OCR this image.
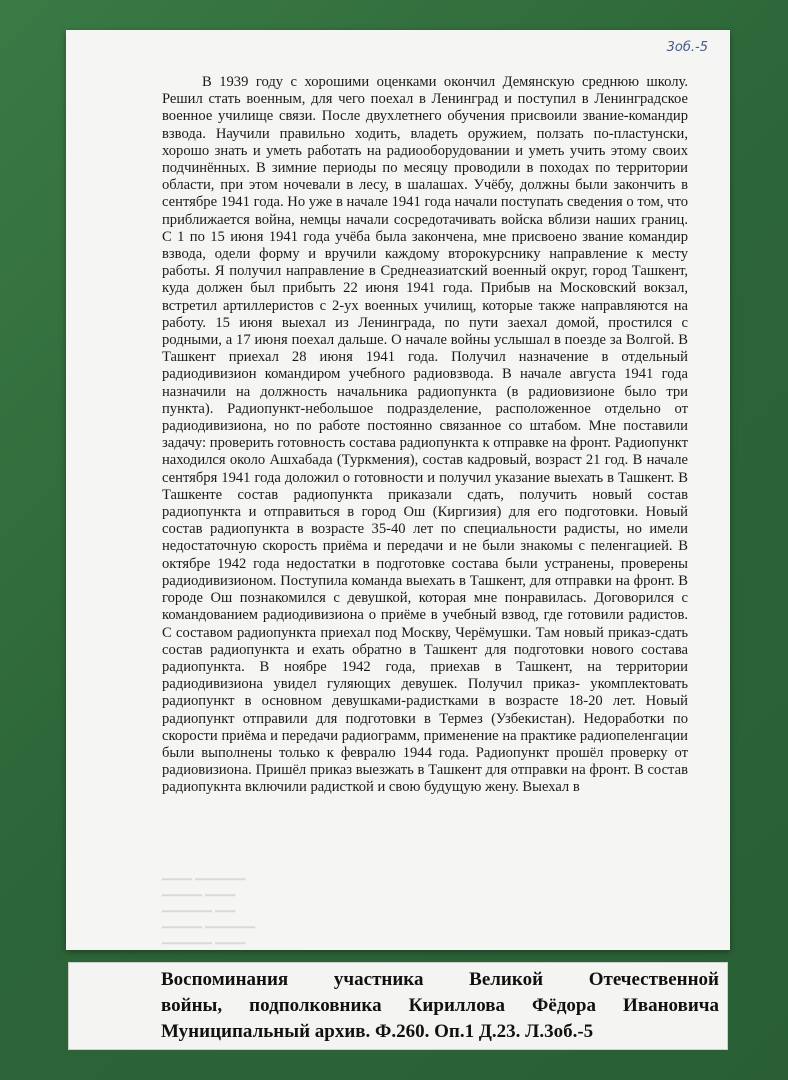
3об.-5
В 1939 году с хорошими оценками окончил Демянскую среднюю школу. Решил стать военным, для чего поехал в Ленинград и поступил в Ленинградское военное училище связи. После двухлетнего обучения присвоили звание-командир взвода. Научили правильно ходить, владеть оружием, ползать по-пластунски, хорошо знать и уметь работать на радиооборудовании и уметь учить этому своих подчинённых. В зимние периоды по месяцу проводили в походах по территории области, при этом ночевали в лесу, в шалашах. Учёбу, должны были закончить в сентябре 1941 года. Но уже в начале 1941 года начали поступать сведения о том, что приближается война, немцы начали сосредотачивать войска вблизи наших границ. С 1 по 15 июня 1941 года учёба была закончена, мне присвоено звание командир взвода, одели форму и вручили каждому второкурснику направление к месту работы. Я получил направление в Среднеазиатский военный округ, город Ташкент, куда должен был прибыть 22 июня 1941 года. Прибыв на Московский вокзал, встретил артиллеристов с 2-ух военных училищ, которые также направляются на работу. 15 июня выехал из Ленинграда, по пути заехал домой, простился с родными, а 17 июня поехал дальше. О начале войны услышал в поезде за Волгой. В Ташкент приехал 28 июня 1941 года. Получил назначение в отдельный радиодивизион командиром учебного радиовзвода. В начале августа 1941 года назначили на должность начальника радиопункта (в радиовизионе было три пункта). Радиопункт-небольшое подразделение, расположенное отдельно от радиодивизиона, но по работе постоянно связанное со штабом. Мне поставили задачу: проверить готовность состава радиопункта к отправке на фронт. Радиопункт находился около Ашхабада (Туркмения), состав кадровый, возраст 21 год. В начале сентября 1941 года доложил о готовности и получил указание выехать в Ташкент. В Ташкенте состав радиопункта приказали сдать, получить новый состав радиопункта и отправиться в город Ош (Киргизия) для его подготовки. Новый состав радиопункта в возрасте 35-40 лет по специальности радисты, но имели недостаточную скорость приёма и передачи и не были знакомы с пеленгацией. В октябре 1942 года недостатки в подготовке состава были устранены, проверены радиодивизионом. Поступила команда выехать в Ташкент, для отправки на фронт. В городе Ош познакомился с девушкой, которая мне понравилась. Договорился с командованием радиодивизиона о приёме в учебный взвод, где готовили радистов. С составом радиопункта приехал под Москву, Черёмушки. Там новый приказ-сдать состав радиопункта и ехать обратно в Ташкент для подготовки нового состава радиопункта. В ноябре 1942 года, приехав в Ташкент, на территории радиодивизиона увидел гуляющих девушек. Получил приказ- укомплектовать радиопункт в основном девушками-радистками в возрасте 18-20 лет. Новый радиопункт отправили для подготовки в Термез (Узбекистан). Недоработки по скорости приёма и передачи радиограмм, применение на практике радиопеленгации были выполнены только к февралю 1944 года. Радиопункт прошёл проверку от радиовизиона. Пришёл приказ выезжать в Ташкент для отправки на фронт. В состав радиопукнта включили радисткой и свою будущую жену. Выехал в
▁▁▁ ▁▁▁▁▁
▁▁▁▁ ▁▁▁
▁▁▁▁▁ ▁▁
▁▁▁▁ ▁▁▁▁▁
▁▁▁▁▁ ▁▁▁
Воспоминания участника Великой Отечественной
войны, подполковника Кириллова Фёдора Ивановича
Муниципальный архив. Ф.260. Оп.1 Д.23. Л.3об.-5
